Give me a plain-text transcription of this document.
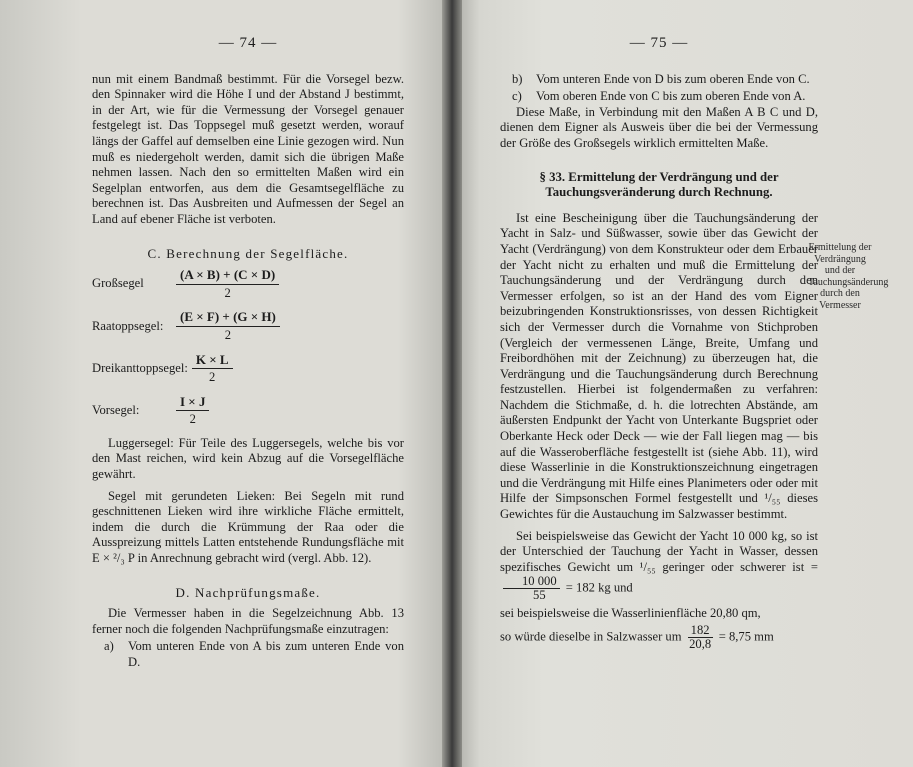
— 74 —

nun mit einem Bandmaß bestimmt. Für die Vorsegel bezw. den Spinnaker wird die Höhe I und der Abstand J bestimmt, in der Art, wie für die Vermessung der Vorsegel genauer festgelegt ist. Das Toppsegel muß gesetzt werden, worauf längs der Gaffel auf demselben eine Linie gezogen wird. Nun muß es niedergeholt werden, damit sich die übrigen Maße nehmen lassen. Nach den so ermittelten Maßen wird ein Segelplan entworfen, aus dem die Gesamtsegelfläche zu berechnen ist. Das Ausbreiten und Aufmessen der Segel an Land auf ebener Fläche ist verboten.

C. Berechnung der Segelfläche.
Großsegel	$\frac{(A \times B) + (C \times D)}{2}$
Raatoppsegel: $\frac{(E \times F) + (G \times H)}{2}$
Dreikanttoppsegel: $\frac{K \times L}{2}$
Vorsegel:	$\frac{I \times J}{2}$

Luggersegel: Für Teile des Luggersegels, welche bis vor den Mast reichen, wird kein Abzug auf die Vorsegelfläche gewährt.

Segel mit gerundeten Lieken: Bei Segeln mit rund geschnittenen Lieken wird ihre wirkliche Fläche ermittelt, indem die durch die Krümmung der Raa oder die Ausspreizung mittels Latten entstehende Rundungsfläche mit E × ²/₃ P in Anrechnung gebracht wird (vergl. Abb. 12).

D. Nachprüfungsmaße.

Die Vermesser haben in die Segelzeichnung Abb. 13 ferner noch die folgenden Nachprüfungsmaße einzutragen:

a)	Vom unteren Ende von A bis zum unteren Ende von D.
— 75 —
b)	Vom unteren Ende von D bis zum oberen Ende von C.
c)	Vom oberen Ende von C bis zum oberen Ende von A.

Diese Maße, in Verbindung mit den Maßen A B C und D, dienen dem Eigner als Ausweis über die bei der Vermessung der Größe des Großsegels wirklich ermittelten Maße.

§ 33. Ermittelung der Verdrängung und der Tauchungsveränderung durch Rechnung.

Ist eine Bescheinigung über die Tauchungsänderung der Yacht in Salz- und Süßwasser, sowie über das Gewicht der Yacht (Verdrängung) von dem Konstrukteur oder dem Erbauer der Yacht nicht zu erhalten und muß die Ermittelung der Tauchungsänderung und der Verdrängung durch den Vermesser erfolgen, so ist an der Hand des vom Eigner beizubringenden Konstruktionsrisses, von dessen Richtigkeit sich der Vermesser durch die Vornahme von Stichproben (Vergleich der vermessenen Länge, Breite, Umfang und Freibordhöhen mit der Zeichnung) zu überzeugen hat, die Verdrängung und die Tauchungsänderung durch Berechnung festzustellen. Hierbei ist folgendermaßen zu verfahren: Nachdem die Stichmaße, d. h. die lotrechten Abstände, am äußersten Endpunkt der Yacht von Unterkante Bugspriet oder Oberkante Heck oder Deck — wie der Fall liegen mag — bis auf die Wasseroberfläche festgestellt ist (siehe Abb. 11), wird diese Wasserlinie in die Konstruktionszeichnung eingetragen und die Verdrängung mit Hilfe eines Planimeters oder oder mit Hilfe der Simpsonschen Formel festgestellt und ¹/₅₅ dieses Gewichtes für die Austauchung im Salzwasser bestimmt.

Sei beispielsweise das Gewicht der Yacht 10 000 kg, so ist der Unterschied der Tauchung der Yacht in Wasser, dessen spezifisches Gewicht um ¹/₅₅ geringer oder schwerer ist =
$\frac{10 000}{55} = 182$ kg und

sei beispielsweise die Wasserlinienfläche 20,80 qm,

so würde dieselbe in Salzwasser um $\frac{182}{20,8} = 8,75$ mm

Ermittelung der Verdrängung und der Tauchungsänderung durch den Vermesser
